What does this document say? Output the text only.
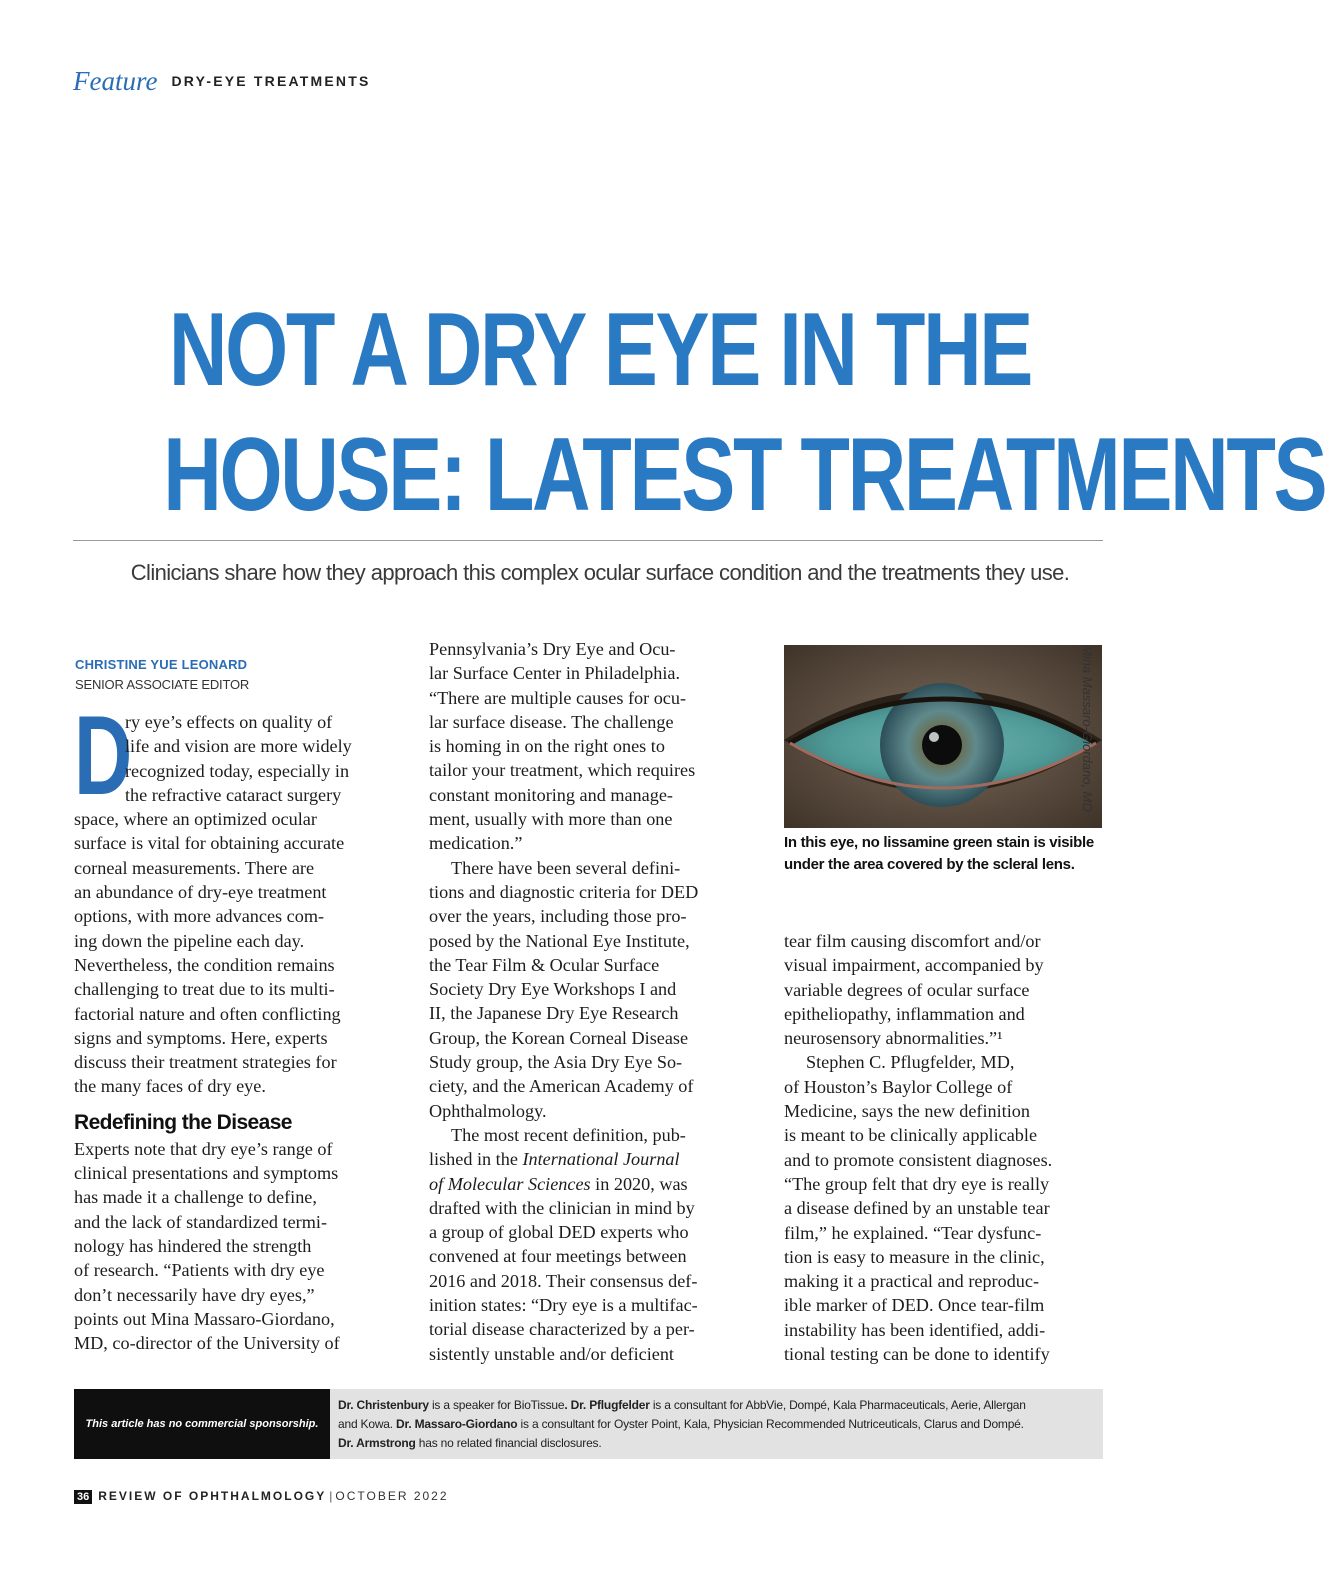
Feature DRY-EYE TREATMENTS
NOT A DRY EYE IN THE
HOUSE: LATEST TREATMENTS
Clinicians share how they approach this complex ocular surface condition and the treatments they use.
CHRISTINE YUE LEONARD
SENIOR ASSOCIATE EDITOR
D
ry eye’s effects on quality of
life and vision are more widely
recognized today, especially in
the refractive cataract surgery
space, where an optimized ocular
surface is vital for obtaining accurate
corneal measurements. There are
an abundance of dry-eye treatment
options, with more advances com-
ing down the pipeline each day.
Nevertheless, the condition remains
challenging to treat due to its multi-
factorial nature and often conflicting
signs and symptoms. Here, experts
discuss their treatment strategies for
the many faces of dry eye.
Redefining the Disease
Experts note that dry eye’s range of
clinical presentations and symptoms
has made it a challenge to define,
and the lack of standardized termi-
nology has hindered the strength
of research. “Patients with dry eye
don’t necessarily have dry eyes,”
points out Mina Massaro-Giordano,
MD, co-director of the University of
Pennsylvania’s Dry Eye and Ocu-
lar Surface Center in Philadelphia.
“There are multiple causes for ocu-
lar surface disease. The challenge
is homing in on the right ones to
tailor your treatment, which requires
constant monitoring and manage-
ment, usually with more than one
medication.”
There have been several defini-
tions and diagnostic criteria for DED
over the years, including those pro-
posed by the National Eye Institute,
the Tear Film & Ocular Surface
Society Dry Eye Workshops I and
II, the Japanese Dry Eye Research
Group, the Korean Corneal Disease
Study group, the Asia Dry Eye So-
ciety, and the American Academy of
Ophthalmology.
The most recent definition, pub-
lished in the International Journal
of Molecular Sciences in 2020, was
drafted with the clinician in mind by
a group of global DED experts who
convened at four meetings between
2016 and 2018. Their consensus def-
inition states: “Dry eye is a multifac-
torial disease characterized by a per-
sistently unstable and/or deficient
Mina Massaro-Giordano, MD
In this eye, no lissamine green stain is visible under the area covered by the scleral lens.
tear film causing discomfort and/or
visual impairment, accompanied by
variable degrees of ocular surface
epitheliopathy, inflammation and
neurosensory abnormalities.”¹
Stephen C. Pflugfelder, MD,
of Houston’s Baylor College of
Medicine, says the new definition
is meant to be clinically applicable
and to promote consistent diagnoses.
“The group felt that dry eye is really
a disease defined by an unstable tear
film,” he explained. “Tear dysfunc-
tion is easy to measure in the clinic,
making it a practical and reproduc-
ible marker of DED. Once tear-film
instability has been identified, addi-
tional testing can be done to identify
This article has no commercial sponsorship.
Dr. Christenbury is a speaker for BioTissue. Dr. Pflugfelder is a consultant for AbbVie, Dompé, Kala Pharmaceuticals, Aerie, Allergan
and Kowa. Dr. Massaro-Giordano is a consultant for Oyster Point, Kala, Physician Recommended Nutriceuticals, Clarus and Dompé.
Dr. Armstrong has no related financial disclosures.
36 REVIEW OF OPHTHALMOLOGY | OCTOBER 2022
